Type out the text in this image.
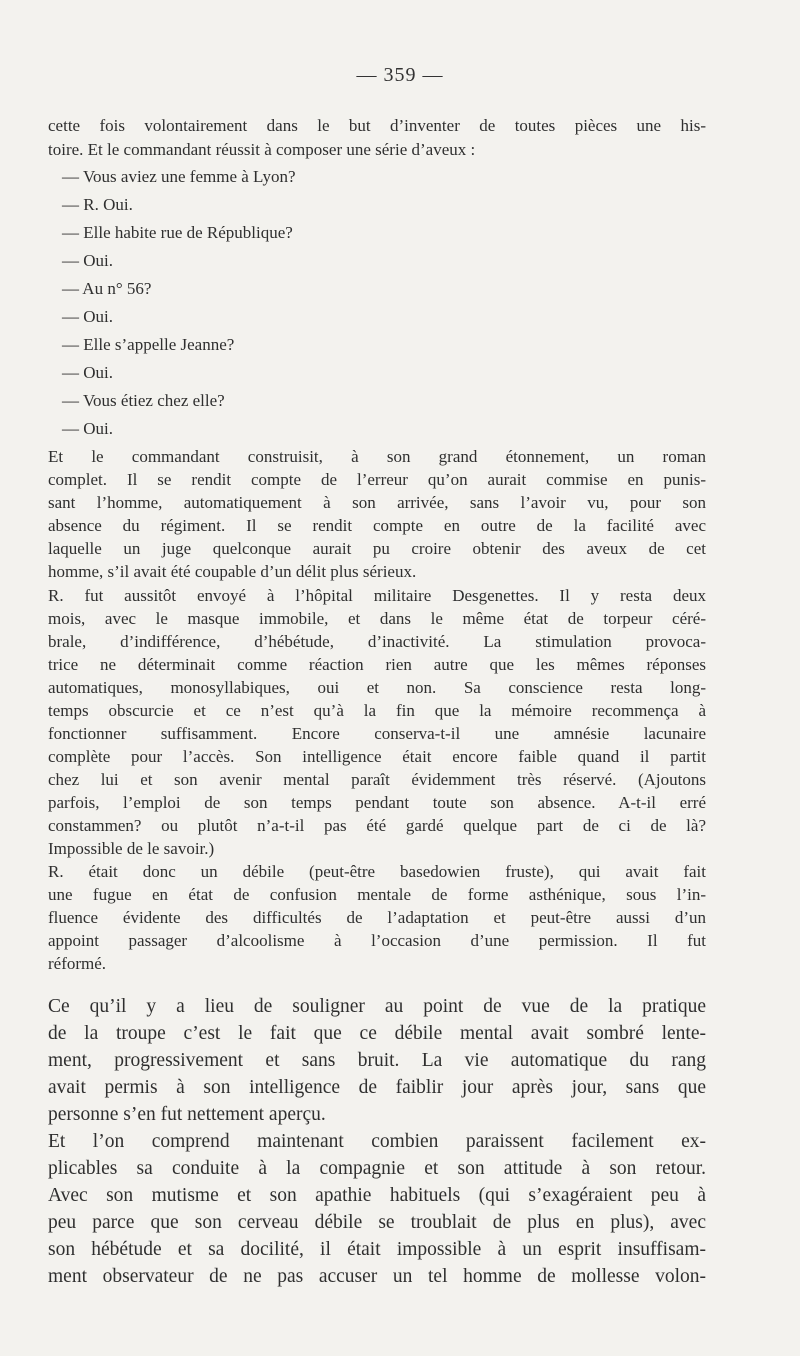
— 359 —

cette fois volontairement dans le but d’inventer de toutes pièces une his-

toire. Et le commandant réussit à composer une série d’aveux :

— Vous aviez une femme à Lyon?

— R. Oui.

— Elle habite rue de République?

— Oui.

— Au n° 56?

— Oui.

— Elle s’appelle Jeanne?

— Oui.

— Vous étiez chez elle?

— Oui.

Et le commandant construisit, à son grand étonnement, un roman

complet. Il se rendit compte de l’erreur qu’on aurait commise en punis-

sant l’homme, automatiquement à son arrivée, sans l’avoir vu, pour son

absence du régiment. Il se rendit compte en outre de la facilité avec

laquelle un juge quelconque aurait pu croire obtenir des aveux de cet

homme, s’il avait été coupable d’un délit plus sérieux.

R. fut aussitôt envoyé à l’hôpital militaire Desgenettes. Il y resta deux

mois, avec le masque immobile, et dans le même état de torpeur céré-

brale, d’indifférence, d’hébétude, d’inactivité. La stimulation provoca-

trice ne déterminait comme réaction rien autre que les mêmes réponses

automatiques, monosyllabiques, oui et non. Sa conscience resta long-

temps obscurcie et ce n’est qu’à la fin que la mémoire recommença à

fonctionner suffisamment. Encore conserva-t-il une amnésie lacunaire

complète pour l’accès. Son intelligence était encore faible quand il partit

chez lui et son avenir mental paraît évidemment très réservé. (Ajoutons

parfois, l’emploi de son temps pendant toute son absence. A-t-il erré

constammen? ou plutôt n’a-t-il pas été gardé quelque part de ci de là?

Impossible de le savoir.)

R. était donc un débile (peut-être basedowien fruste), qui avait fait

une fugue en état de confusion mentale de forme asthénique, sous l’in-

fluence évidente des difficultés de l’adaptation et peut-être aussi d’un

appoint passager d’alcoolisme à l’occasion d’une permission. Il fut

réformé.

Ce qu’il y a lieu de souligner au point de vue de la pratique

de la troupe c’est le fait que ce débile mental avait sombré lente-

ment, progressivement et sans bruit. La vie automatique du rang

avait permis à son intelligence de faiblir jour après jour, sans que

personne s’en fut nettement aperçu.

Et l’on comprend maintenant combien paraissent facilement ex-

plicables sa conduite à la compagnie et son attitude à son retour.

Avec son mutisme et son apathie habituels (qui s’exagéraient peu à

peu parce que son cerveau débile se troublait de plus en plus), avec

son hébétude et sa docilité, il était impossible à un esprit insuffisam-

ment observateur de ne pas accuser un tel homme de mollesse volon-
